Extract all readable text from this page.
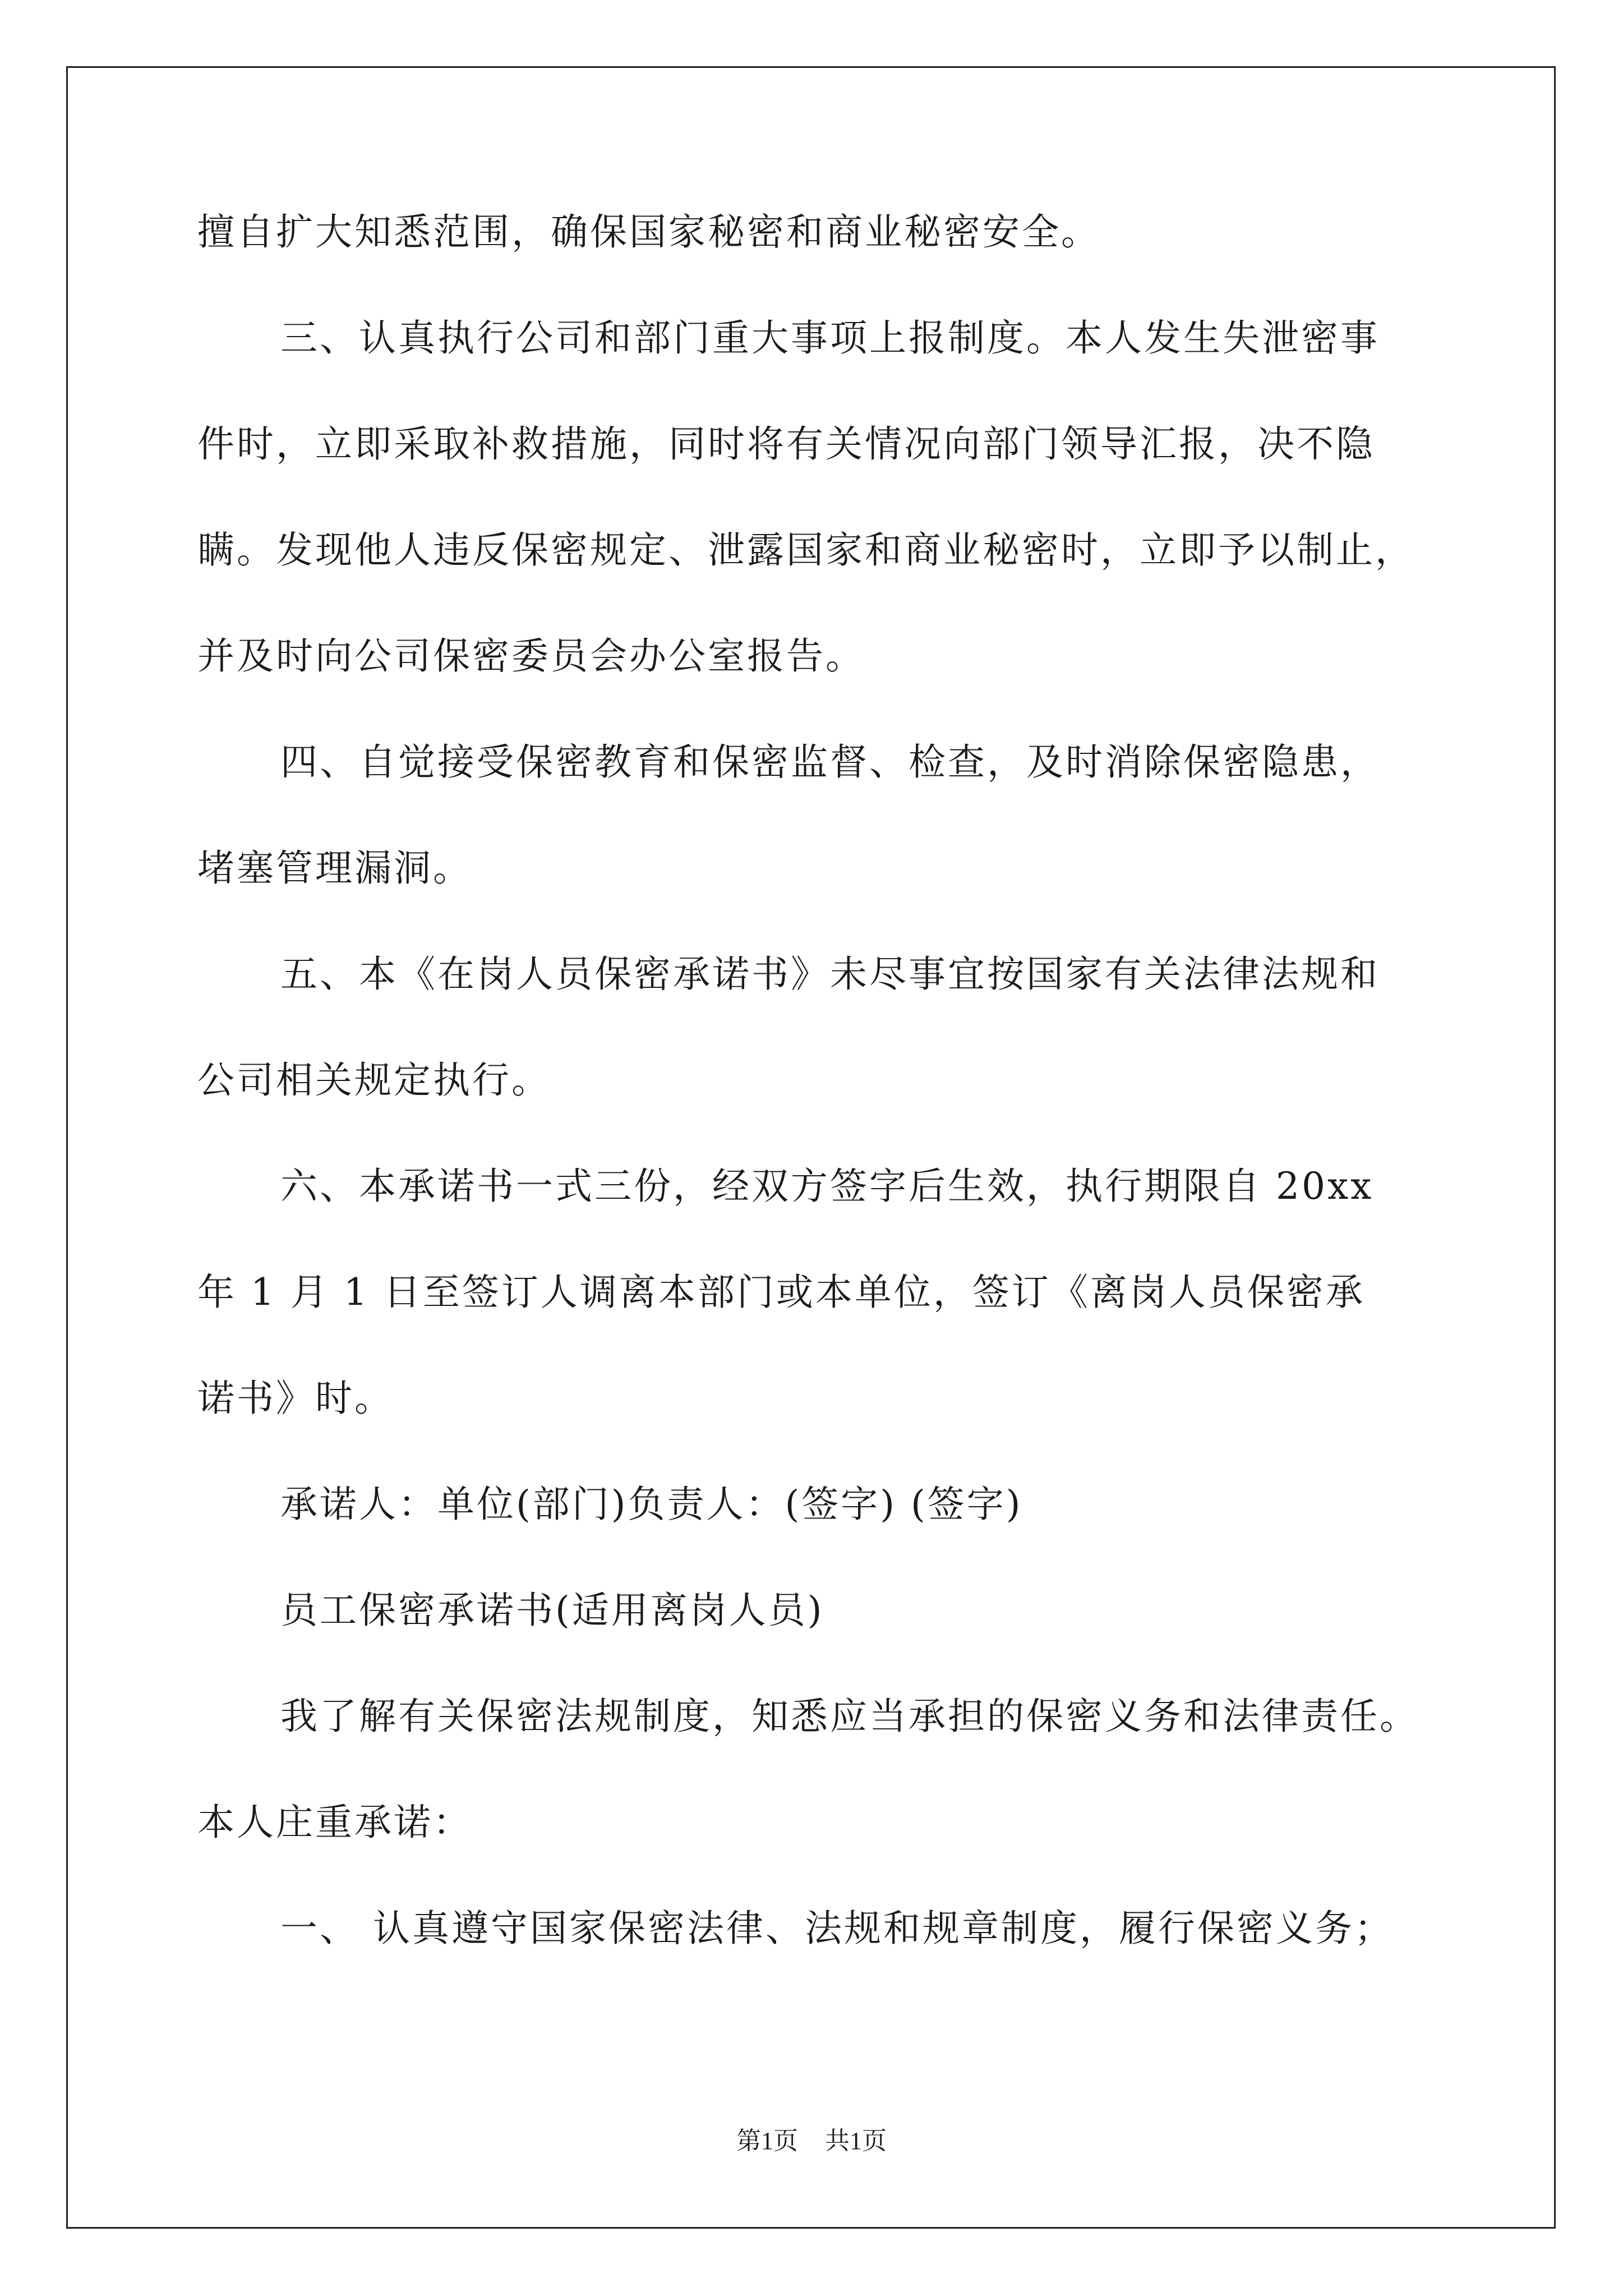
擅自扩大知悉范围，确保国家秘密和商业秘密安全。
三、认真执行公司和部门重大事项上报制度。本人发生失泄密事
件时，立即采取补救措施，同时将有关情况向部门领导汇报，决不隐
瞒。发现他人违反保密规定、泄露国家和商业秘密时，立即予以制止，
并及时向公司保密委员会办公室报告。
四、自觉接受保密教育和保密监督、检查，及时消除保密隐患，
堵塞管理漏洞。
五、本《在岗人员保密承诺书》未尽事宜按国家有关法律法规和
公司相关规定执行。
六、本承诺书一式三份，经双方签字后生效，执行期限自 20xx
年 1 月 1 日至签订人调离本部门或本单位，签订《离岗人员保密承
诺书》时。
承诺人：单位(部门)负责人：(签字) (签字)
员工保密承诺书(适用离岗人员)
我了解有关保密法规制度，知悉应当承担的保密义务和法律责任。
本人庄重承诺：
一、 认真遵守国家保密法律、法规和规章制度，履行保密义务；
第1页 共1页
